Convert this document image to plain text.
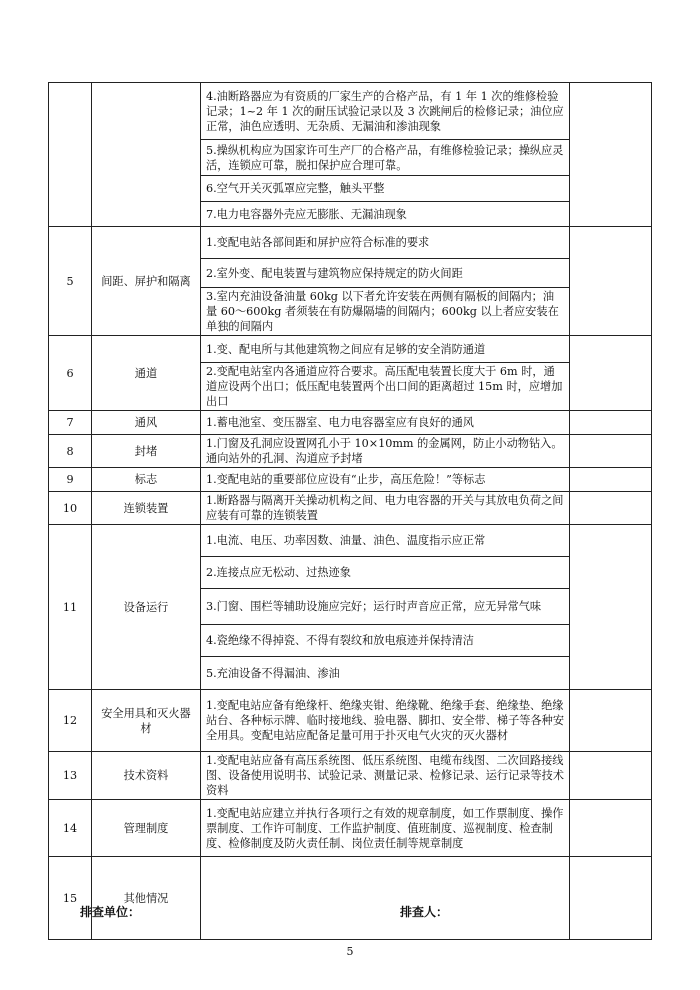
		4.油断路器应为有资质的厂家生产的合格产品，有 1 年 1 次的维修检验记录；1~2 年 1 次的耐压试验记录以及 3 次跳闸后的检修记录；油位应正常，油色应透明、无杂质、无漏油和渗油现象	
		5.操纵机构应为国家许可生产厂的合格产品，有维修检验记录；操纵应灵活，连锁应可靠，脱扣保护应合理可靠。	
		6.空气开关灭弧罩应完整，触头平整	
		7.电力电容器外壳应无膨胀、无漏油现象	
5	间距、屏护和隔离	1.变配电站各部间距和屏护应符合标准的要求	
		2.室外变、配电装置与建筑物应保持规定的防火间距	
		3.室内充油设备油量 60kg 以下者允许安装在两侧有隔板的间隔内；油量 60～600kg 者须装在有防爆隔墙的间隔内；600kg 以上者应安装在单独的间隔内	
6	通道	1.变、配电所与其他建筑物之间应有足够的安全消防通道	
		2.变配电站室内各通道应符合要求。高压配电装置长度大于 6m 时，通道应设两个出口；低压配电装置两个出口间的距离超过 15m 时，应增加出口	
7	通风	1.蓄电池室、变压器室、电力电容器室应有良好的通风	
8	封堵	1.门窗及孔洞应设置网孔小于 10×10mm 的金属网，防止小动物钻入。通向站外的孔洞、沟道应予封堵	
9	标志	1.变配电站的重要部位应设有“止步，高压危险！”等标志	
10	连锁装置	1.断路器与隔离开关操动机构之间、电力电容器的开关与其放电负荷之间应装有可靠的连锁装置	
11	设备运行	1.电流、电压、功率因数、油量、油色、温度指示应正常	
		2.连接点应无松动、过热迹象	
		3.门窗、围栏等辅助设施应完好；运行时声音应正常，应无异常气味	
		4.瓷绝缘不得掉瓷、不得有裂纹和放电痕迹并保持清洁	
		5.充油设备不得漏油、渗油	
12	安全用具和灭火器材	1.变配电站应备有绝缘杆、绝缘夹钳、绝缘靴、绝缘手套、绝缘垫、绝缘站台、各种标示牌、临时接地线、验电器、脚扣、安全带、梯子等各种安全用具。变配电站应配备足量可用于扑灭电气火灾的灭火器材	
13	技术资料	1.变配电站应备有高压系统图、低压系统图、电缆布线图、二次回路接线图、设备使用说明书、试验记录、测量记录、检修记录、运行记录等技术资料	
14	管理制度	1.变配电站应建立并执行各项行之有效的规章制度，如工作票制度、操作票制度、工作许可制度、工作监护制度、值班制度、巡视制度、检查制度、检修制度及防火责任制、岗位责任制等规章制度	
15	其他情况		
排查单位：	排查人：
5
